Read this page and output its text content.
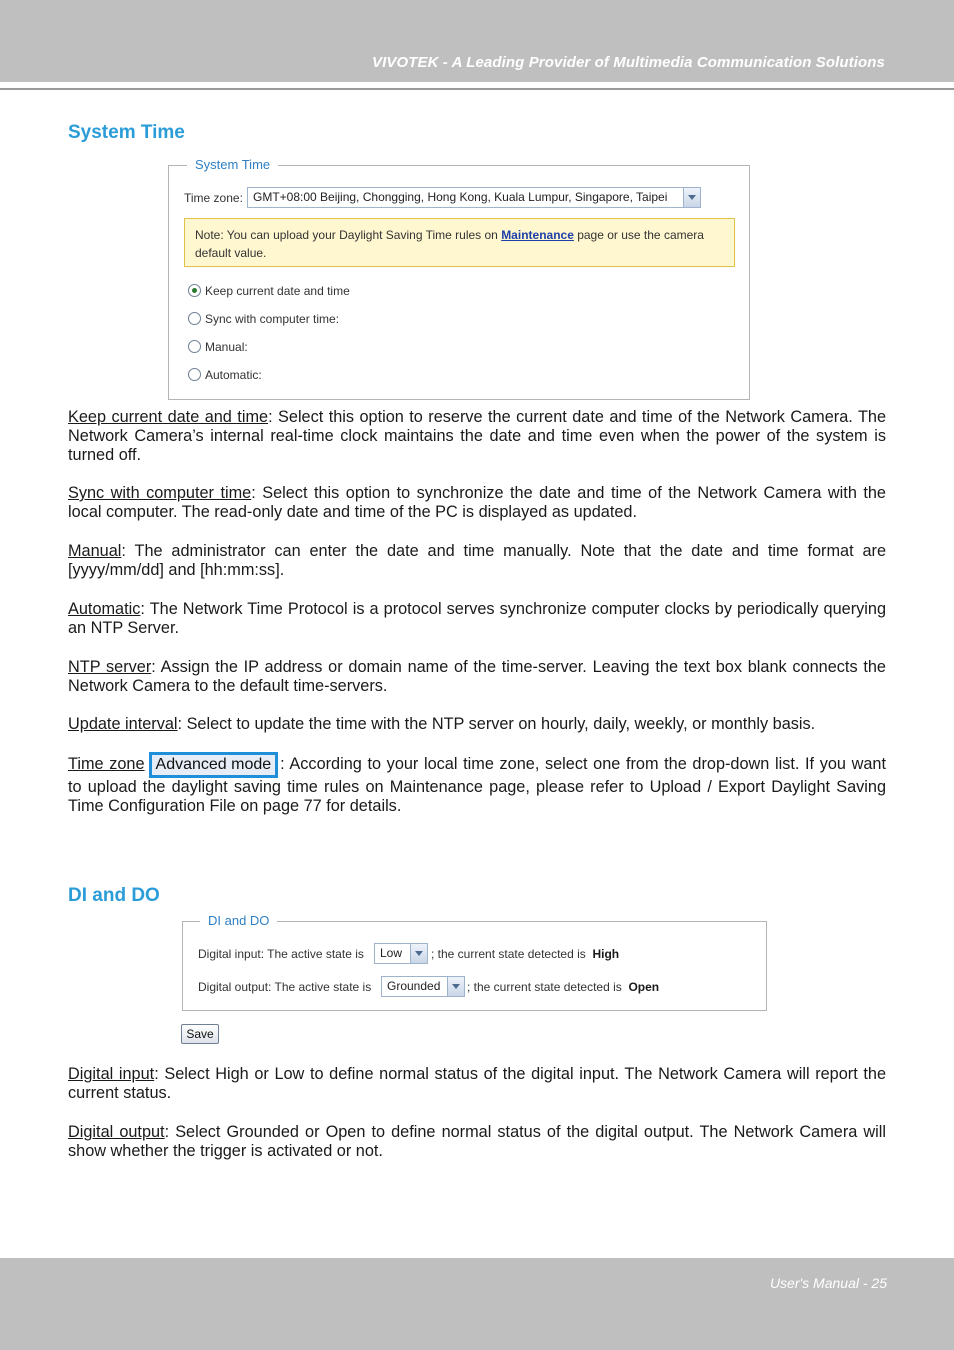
VIVOTEK - A Leading Provider of Multimedia Communication Solutions
System Time
System Time
Time zone: GMT+08:00 Beijing, Chongging, Hong Kong, Kuala Lumpur, Singapore, Taipei
Note: You can upload your Daylight Saving Time rules on Maintenance page or use the camera default value.
Keep current date and time
Sync with computer time:
Manual:
Automatic:
Keep current date and time: Select this option to reserve the current date and time of the Network Camera. The Network Camera’s internal real-time clock maintains the date and time even when the power of the system is turned off.
Sync with computer time: Select this option to synchronize the date and time of the Network Camera with the local computer. The read-only date and time of the PC is displayed as updated.
Manual: The administrator can enter the date and time manually. Note that the date and time format are [yyyy/mm/dd] and [hh:mm:ss].
Automatic: The Network Time Protocol is a protocol serves synchronize computer clocks by periodically querying an NTP Server.
NTP server: Assign the IP address or domain name of the time-server. Leaving the text box blank connects the Network Camera to the default time-servers.
Update interval: Select to update the time with the NTP server on hourly, daily, weekly, or monthly basis.
Time zone Advanced mode : According to your local time zone, select one from the drop-down list. If you want to upload the daylight saving time rules on Maintenance page, please refer to Upload / Export Daylight Saving Time Configuration File on page 77 for details.
DI and DO
DI and DO
Digital input: The active state is	Low	; the current state detected is High
Digital output: The active state is	Grounded	; the current state detected is Open
Save
Digital input: Select High or Low to define normal status of the digital input. The Network Camera will report the current status.
Digital output: Select Grounded or Open to define normal status of the digital output. The Network Camera will show whether the trigger is activated or not.
User's Manual - 25
